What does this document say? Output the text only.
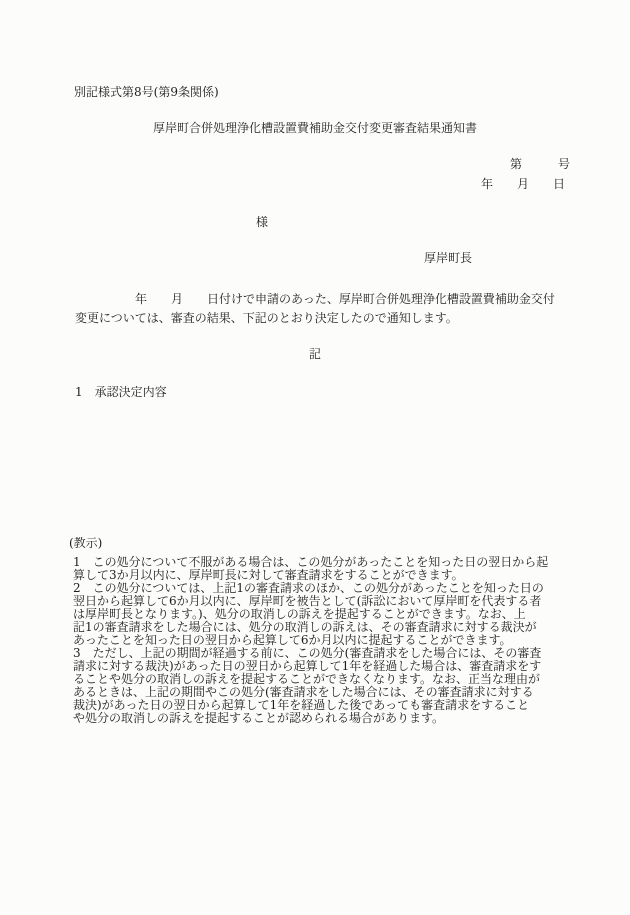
別記様式第8号(第9条関係)
厚岸町合併処理浄化槽設置費補助金交付変更審査結果通知書
第　　　号
年　　月　　日
様
厚岸町長
年　　月　　日付けで申請のあった、厚岸町合併処理浄化槽設置費補助金交付
変更については、審査の結果、下記のとおり決定したので通知します。
記
1　承認決定内容
(教示)
1　この処分について不服がある場合は、この処分があったことを知った日の翌日から起
算して3か月以内に、厚岸町長に対して審査請求をすることができます。
2　この処分については、上記1の審査請求のほか、この処分があったことを知った日の
翌日から起算して6か月以内に、厚岸町を被告として(訴訟において厚岸町を代表する者
は厚岸町長となります。)、処分の取消しの訴えを提起することができます。なお、上
記1の審査請求をした場合には、処分の取消しの訴えは、その審査請求に対する裁決が
あったことを知った日の翌日から起算して6か月以内に提起することができます。
3　ただし、上記の期間が経過する前に、この処分(審査請求をした場合には、その審査
請求に対する裁決)があった日の翌日から起算して1年を経過した場合は、審査請求をす
ることや処分の取消しの訴えを提起することができなくなります。なお、正当な理由が
あるときは、上記の期間やこの処分(審査請求をした場合には、その審査請求に対する
裁決)があった日の翌日から起算して1年を経過した後であっても審査請求をすること
や処分の取消しの訴えを提起することが認められる場合があります。
